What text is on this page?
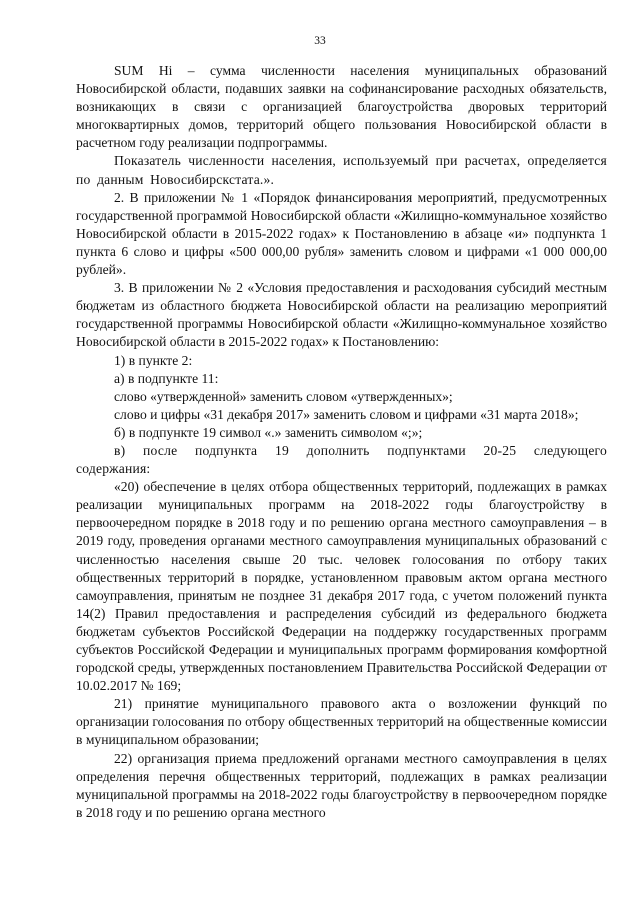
33

SUM Hi – сумма численности населения муниципальных образований Новосибирской области, подавших заявки на софинансирование расходных обязательств, возникающих в связи с организацией благоустройства дворовых территорий многоквартирных домов, территорий общего пользования Новосибирской области в расчетном году реализации подпрограммы.

Показатель численности населения, используемый при расчетах, определяется по данным Новосибирскстата.».

2. В приложении № 1 «Порядок финансирования мероприятий, предусмотренных государственной программой Новосибирской области «Жилищно-коммунальное хозяйство Новосибирской области в 2015-2022 годах» к Постановлению в абзаце «и» подпункта 1 пункта 6 слово и цифры «500 000,00 рубля» заменить словом и цифрами «1 000 000,00 рублей».

3. В приложении № 2 «Условия предоставления и расходования субсидий местным бюджетам из областного бюджета Новосибирской области на реализацию мероприятий государственной программы Новосибирской области «Жилищно-коммунальное хозяйство Новосибирской области в 2015-2022 годах» к Постановлению:

1) в пункте 2:

а) в подпункте 11:

слово «утвержденной» заменить словом «утвержденных»;

слово и цифры «31 декабря 2017» заменить словом и цифрами «31 марта 2018»;

б) в подпункте 19 символ «.» заменить символом «;»;

в) после подпункта 19 дополнить подпунктами 20-25 следующего содержания:

«20) обеспечение в целях отбора общественных территорий, подлежащих в рамках реализации муниципальных программ на 2018-2022 годы благоустройству в первоочередном порядке в 2018 году и по решению органа местного самоуправления – в 2019 году, проведения органами местного самоуправления муниципальных образований с численностью населения свыше 20 тыс. человек голосования по отбору таких общественных территорий в порядке, установленном правовым актом органа местного самоуправления, принятым не позднее 31 декабря 2017 года, с учетом положений пункта 14(2) Правил предоставления и распределения субсидий из федерального бюджета бюджетам субъектов Российской Федерации на поддержку государственных программ субъектов Российской Федерации и муниципальных программ формирования комфортной городской среды, утвержденных постановлением Правительства Российской Федерации от 10.02.2017 № 169;

21) принятие муниципального правового акта о возложении функций по организации голосования по отбору общественных территорий на общественные комиссии в муниципальном образовании;

22) организация приема предложений органами местного самоуправления в целях определения перечня общественных территорий, подлежащих в рамках реализации муниципальной программы на 2018-2022 годы благоустройству в первоочередном порядке в 2018 году и по решению органа местного
